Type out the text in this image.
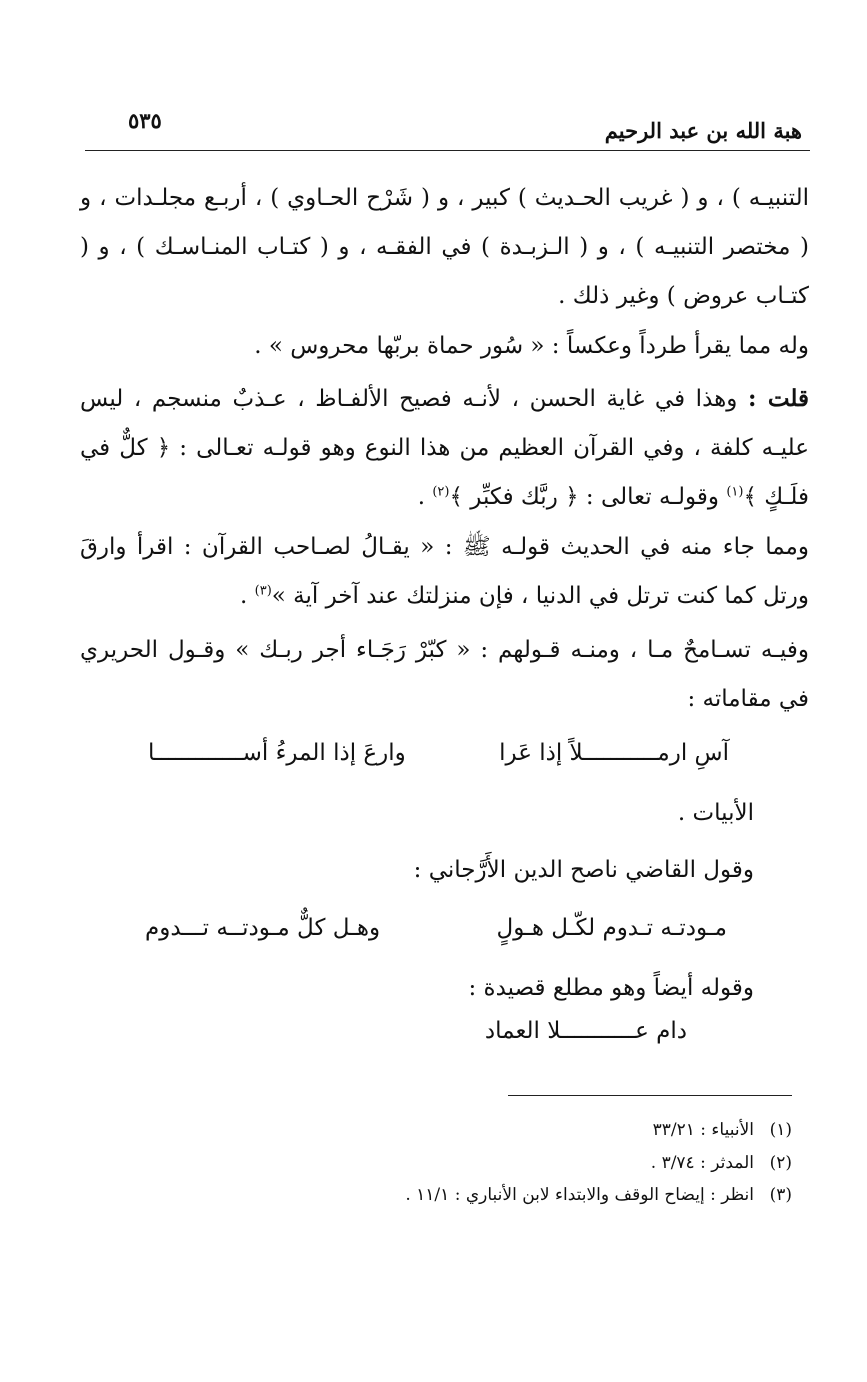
هبة الله بن عبد الرحيم
٥٣٥
التنبيـه ) ، و ( غريب الحـديث ) كبير ، و ( شَرْح الحـاوي ) ، أربـع مجلـدات ، و ( مختصر التنبيـه ) ، و ( الـزبـدة ) في الفقـه ، و ( كتـاب المنـاسـك ) ، و ( كتـاب عروض ) وغير ذلك .
وله مما يقرأ طرداً وعكساً : « سُور حماة بربّها محروس » .
قلت : وهذا في غاية الحسن ، لأنـه فصيح الألفـاظ ، عـذبٌ منسجم ، ليس عليـه كلفة ، وفي القرآن العظيم من هذا النوع وهو قولـه تعـالى : ﴿ كلٌّ في فلَـكٍ ﴾$^{(١)}$ وقولـه تعالى : ﴿ ربَّك فكبِّر ﴾$^{(٢)}$ .
ومما جاء منه في الحديث قولـه ﷺ : « يقـالُ لصـاحب القرآن : اقرأ وارقَ ورتل كما كنت ترتل في الدنيا ، فإن منزلتك عند آخر آية »$^{(٣)}$ .
وفيـه تسـامحٌ مـا ، ومنـه قـولهم : « كبّرْ رَجَـاء أجر ربـك » وقـول الحريري في مقاماته :
آسِ ارمـــــــــــلاً إذا عَرا
وارعَ إذا المرءُ أســـــــــــــا
الأبيات .
وقول القاضي ناصح الدين الأَرَّجاني :
مـودتـه تـدوم لكّـل هـولٍ
وهـل كلٌّ مـودتــه تـــدوم
وقوله أيضاً وهو مطلع قصيدة :
دام عـــــــــــلا العماد
(١)الأنبياء : ٣٣/٢١
(٢)المدثر : ٣/٧٤ .
(٣)انظر : إيضاح الوقف والابتداء لابن الأنباري : ١١/١ .
